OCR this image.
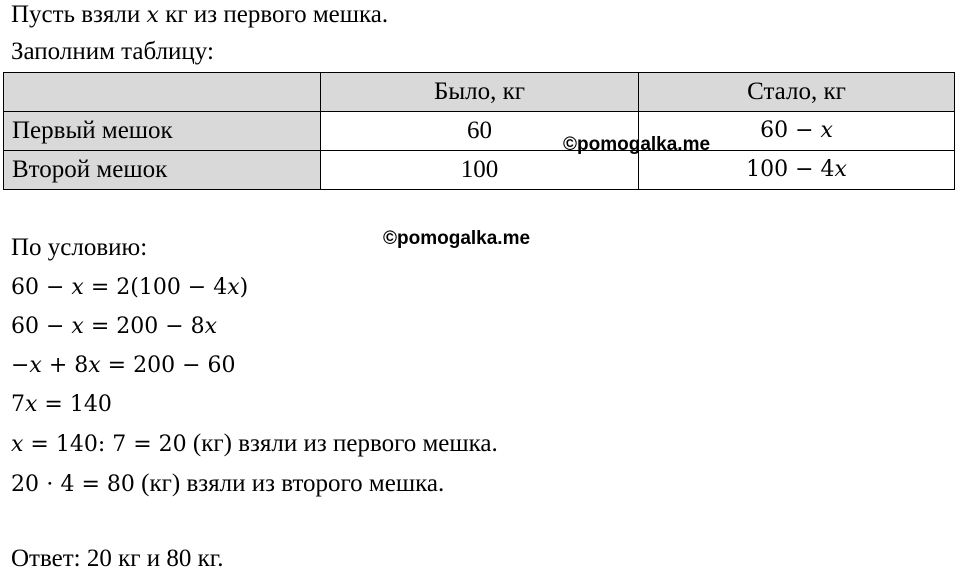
Пусть взяли x кг из первого мешка.
Заполним таблицу:
	Было, кг	Стало, кг
Первый мешок	60	60 − 𝑥
Второй мешок	100	100 − 4𝑥
©pomogalka.me
©pomogalka.me
По условию:
60 − 𝑥 = 2(100 − 4𝑥)
60 − 𝑥 = 200 − 8𝑥
−𝑥 + 8𝑥 = 200 − 60
7𝑥 = 140
𝑥 = 140: 7 = 20 (кг) взяли из первого мешка.
20 ⋅ 4 = 80 (кг) взяли из второго мешка.
Ответ: 20 кг и 80 кг.
